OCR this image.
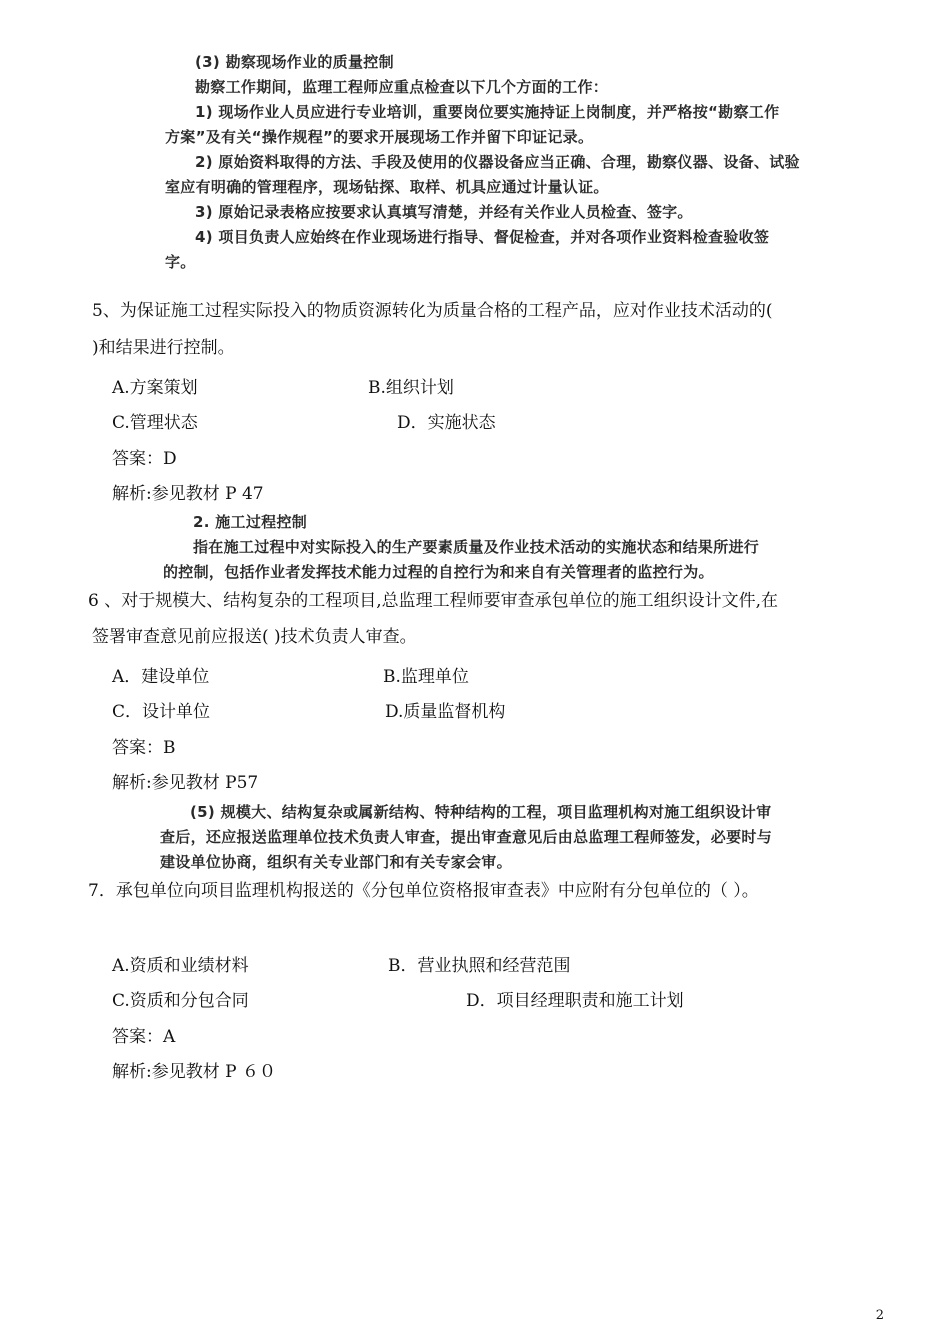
(3) 勘察现场作业的质量控制

勘察工作期间，监理工程师应重点检查以下几个方面的工作：

1) 现场作业人员应进行专业培训，重要岗位要实施持证上岗制度，并严格按“勘察工作

方案”及有关“操作规程”的要求开展现场工作并留下印证记录。

2) 原始资料取得的方法、手段及使用的仪器设备应当正确、合理，勘察仪器、设备、试验

室应有明确的管理程序，现场钻探、取样、机具应通过计量认证。

3) 原始记录表格应按要求认真填写清楚，并经有关作业人员检查、签字。

4) 项目负责人应始终在作业现场进行指导、督促检查，并对各项作业资料检查验收签

字。

5、为保证施工过程实际投入的物质资源转化为质量合格的工程产品，应对作业技术活动的(
)和结果进行控制。
A.方案策划	B.组织计划
C.管理状态	D．实施状态
答案：D
解析:参见教材 P 47

2. 施工过程控制

指在施工过程中对实际投入的生产要素质量及作业技术活动的实施状态和结果所进行

的控制，包括作业者发挥技术能力过程的自控行为和来自有关管理者的监控行为。

6 、对于规模大、结构复杂的工程项目,总监理工程师要审查承包单位的施工组织设计文件,在
签署审查意见前应报送( )技术负责人审查。
A．建设单位	B.监理单位
C．设计单位	D.质量监督机构
答案：B
解析:参见教材 P57

(5) 规模大、结构复杂或属新结构、特种结构的工程，项目监理机构对施工组织设计审

查后，还应报送监理单位技术负责人审查，提出审查意见后由总监理工程师签发，必要时与

建设单位协商，组织有关专业部门和有关专家会审。

7．承包单位向项目监理机构报送的《分包单位资格报审查表》中应附有分包单位的（ ）。
A.资质和业绩材料	B．营业执照和经营范围
C.资质和分包合同	D．项目经理职责和施工计划
答案：A
解析:参见教材 P ６０
2
